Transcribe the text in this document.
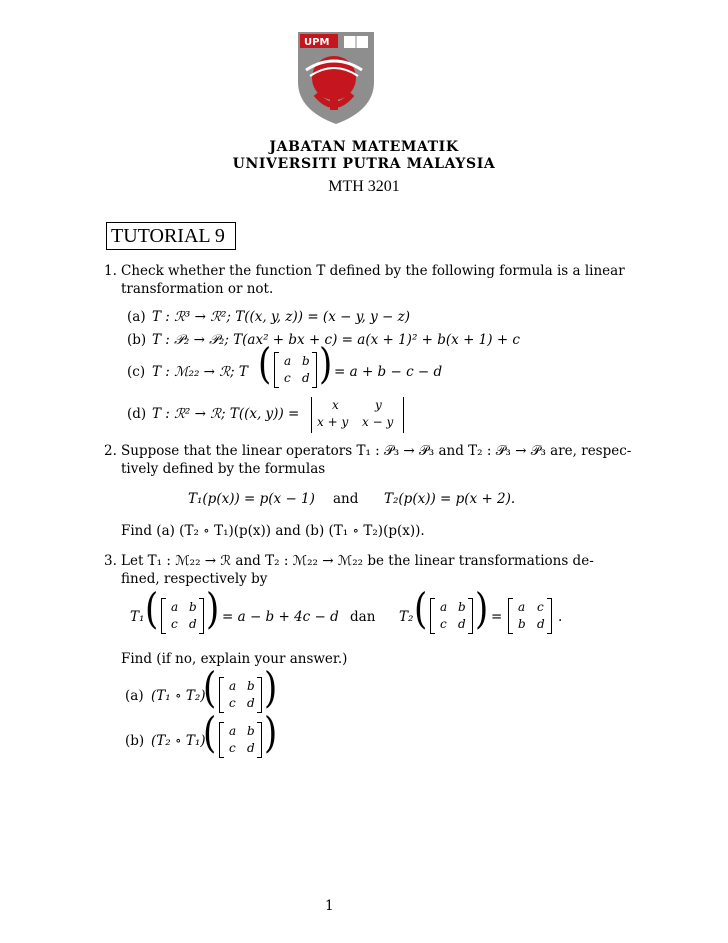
UPM
JABATAN MATEMATIK
UNIVERSITI PUTRA MALAYSIA
MTH 3201
TUTORIAL 9
1. Check whether the function T defined by the following formula is a linear
transformation or not.
(a) T : ℛ³ → ℛ²; T((x, y, z)) = (x − y, y − z)
(b) T : 𝒫₂ → 𝒫₂; T(ax² + bx + c) = a(x + 1)² + b(x + 1) + c
(c) T : ℳ₂₂ → ℛ; T ( a b
c d ) = a + b − c − d
(d) T : ℛ² → ℛ; T((x, y)) =
x	y
x + y x − y
2. Suppose that the linear operators T₁ : 𝒫₃ → 𝒫₃ and T₂ : 𝒫₃ → 𝒫₃ are, respec-
tively defined by the formulas
T₁(p(x)) = p(x − 1) and T₂(p(x)) = p(x + 2).
Find (a) (T₂ ∘ T₁)(p(x)) and (b) (T₁ ∘ T₂)(p(x)).
3. Let T₁ : ℳ₂₂ → ℛ and T₂ : ℳ₂₂ → ℳ₂₂ be the linear transformations de-
fined, respectively by
T₁ ( a b
c d ) = a − b + 4c − d dan T₂ ( a b
c d ) =
a c
b d .
Find (if no, explain your answer.)
(a) (T₁ ∘ T₂)
( a b
c d )
(b) (T₂ ∘ T₁)
( a b
c d )
1
